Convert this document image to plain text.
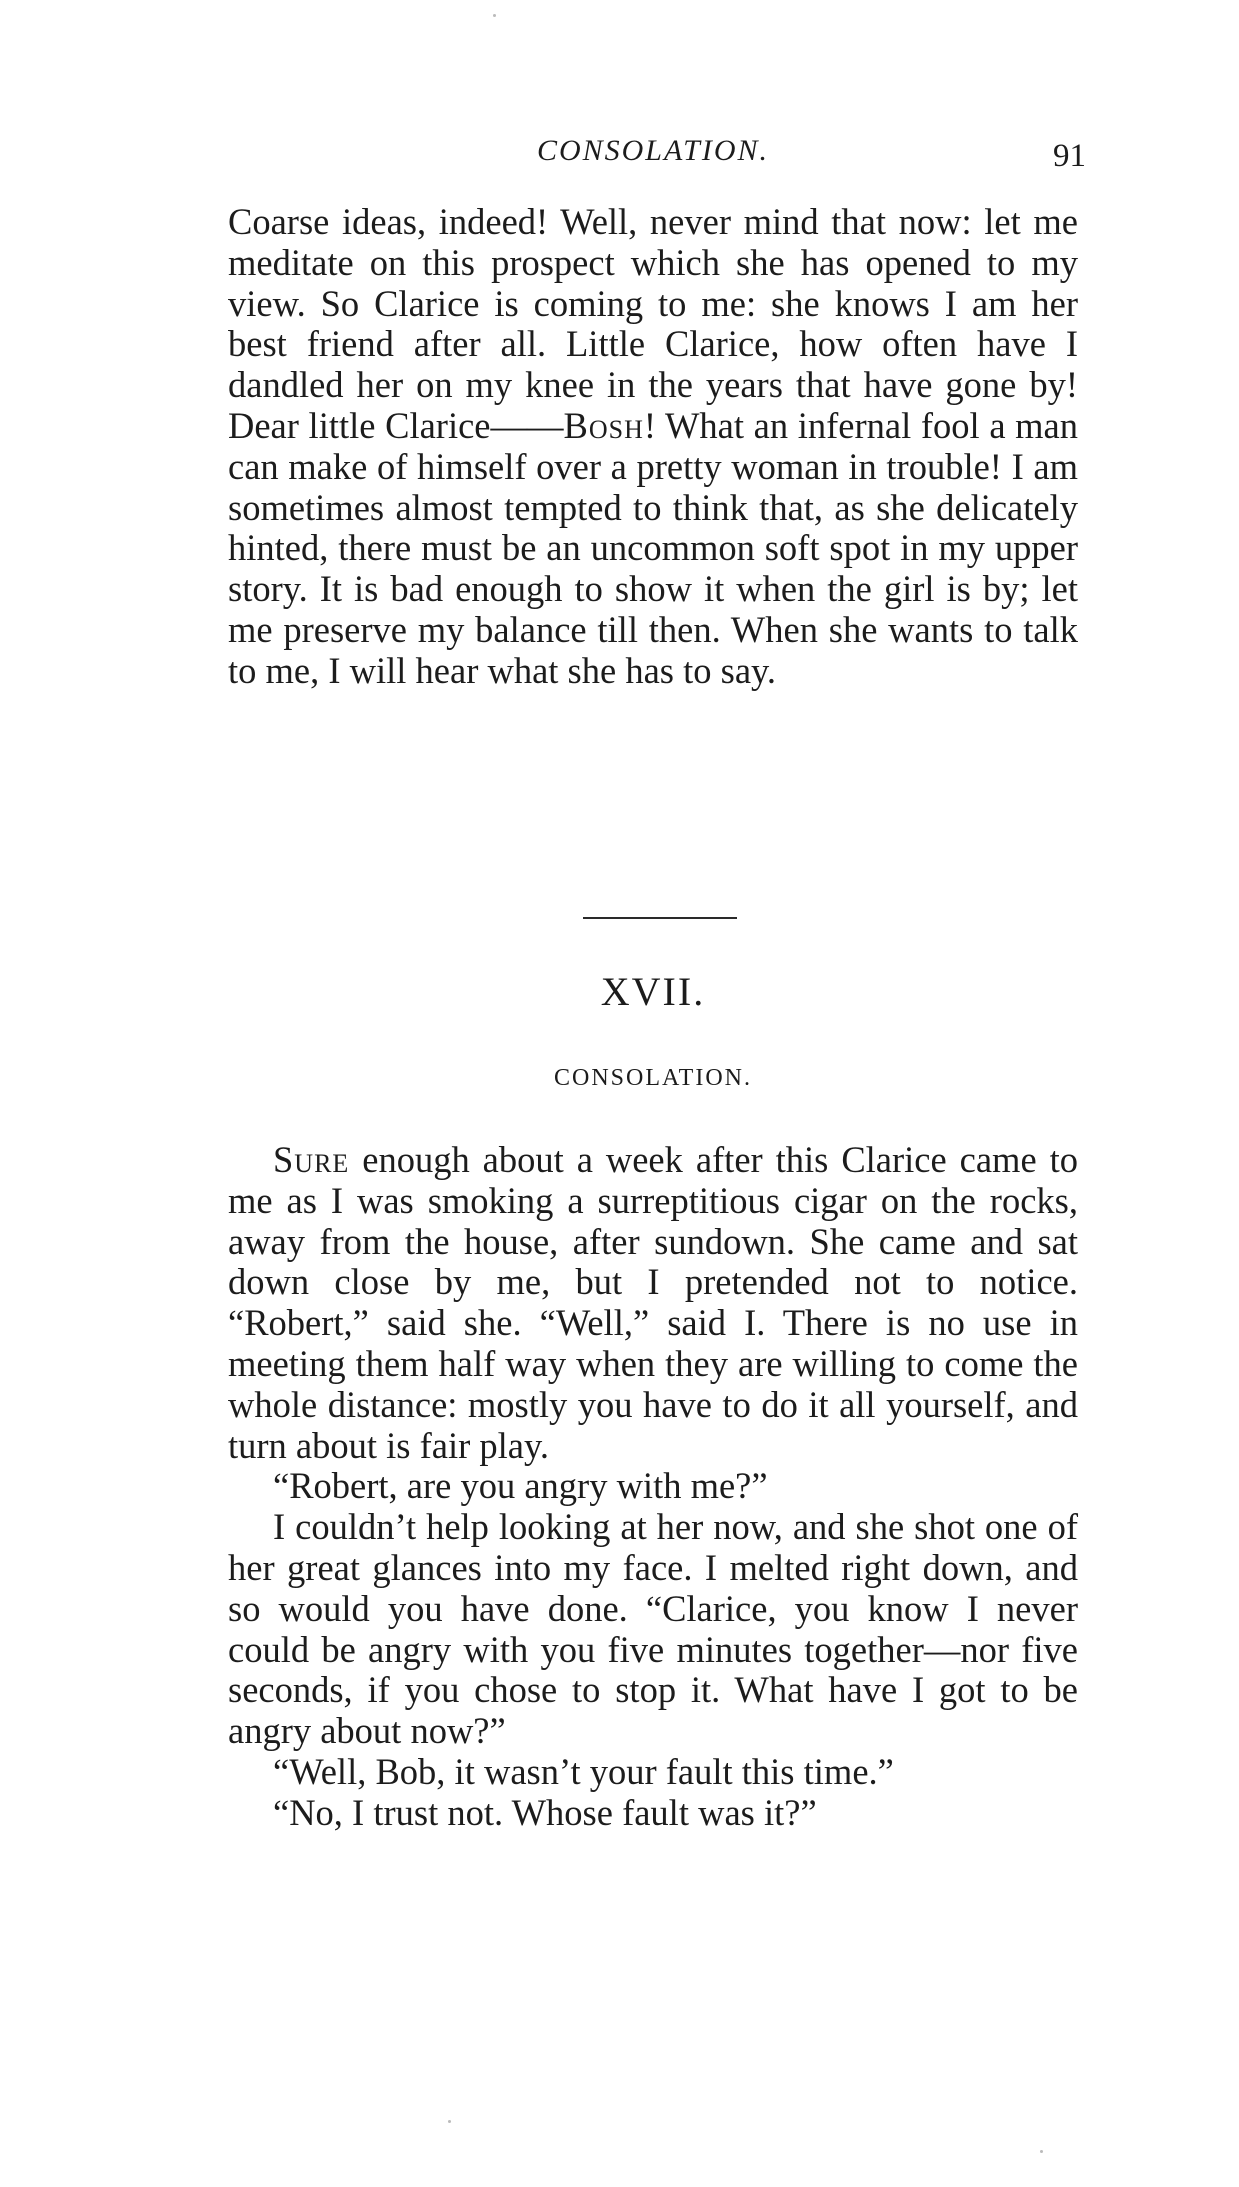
CONSOLATION.	91

Coarse ideas, indeed! Well, never mind that now: let me meditate on this prospect which she has opened to my view. So Clarice is coming to me: she knows I am her best friend after all. Little Clarice, how often have I dandled her on my knee in the years that have gone by! Dear little Clarice——Bosh! What an infernal fool a man can make of himself over a pretty woman in trouble! I am sometimes almost tempted to think that, as she delicately hinted, there must be an uncommon soft spot in my upper story. It is bad enough to show it when the girl is by; let me preserve my balance till then. When she wants to talk to me, I will hear what she has to say.

XVII.
CONSOLATION.

Sure enough about a week after this Clarice came to me as I was smoking a surreptitious cigar on the rocks, away from the house, after sundown. She came and sat down close by me, but I pretended not to notice. “Robert,” said she. “Well,” said I. There is no use in meeting them half way when they are willing to come the whole distance: mostly you have to do it all yourself, and turn about is fair play.

“Robert, are you angry with me?”

I couldn’t help looking at her now, and she shot one of her great glances into my face. I melted right down, and so would you have done. “Clarice, you know I never could be angry with you five minutes together—nor five seconds, if you chose to stop it. What have I got to be angry about now?”

“Well, Bob, it wasn’t your fault this time.”

“No, I trust not. Whose fault was it?”
